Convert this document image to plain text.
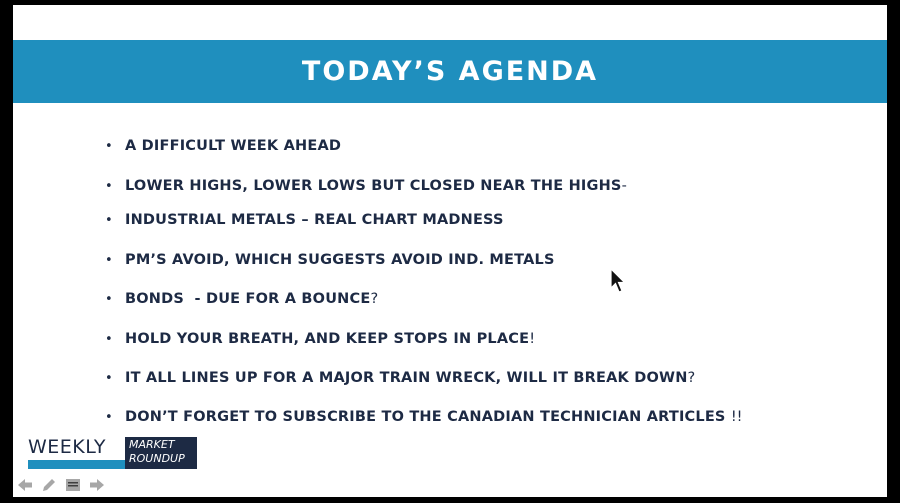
TODAY’S AGENDA
• A DIFFICULT WEEK AHEAD
• LOWER HIGHS, LOWER LOWS BUT CLOSED NEAR THE HIGHS -
• INDUSTRIAL METALS – REAL CHART MADNESS
• PM’S AVOID, WHICH SUGGESTS AVOID IND. METALS
• BONDS  - DUE FOR A BOUNCE ?
• HOLD YOUR BREATH, AND KEEP STOPS IN PLACE !
• IT ALL LINES UP FOR A MAJOR TRAIN WRECK, WILL IT BREAK DOWN ?
• DON’T FORGET TO SUBSCRIBE TO THE CANADIAN TECHNICIAN ARTICLES !!
WEEKLY MARKET
ROUNDUP
